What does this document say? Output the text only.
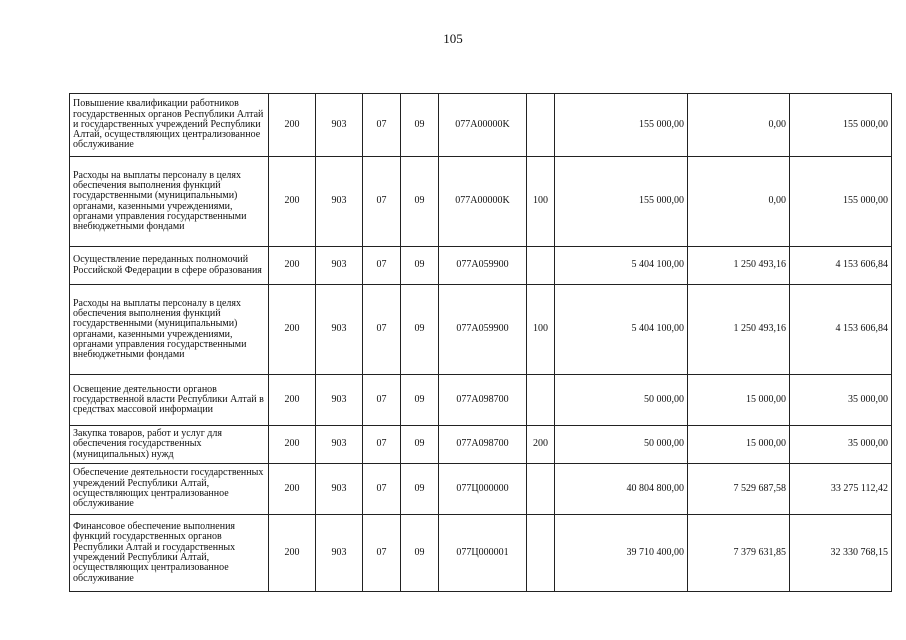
105
Повышение квалификации работников государственных органов Республики Алтай и государственных учреждений Республики Алтай, осуществляющих централизованное обслуживание	200	903	07	09	077A00000K		155 000,00	0,00	155 000,00
Расходы на выплаты персоналу в целях обеспечения выполнения функций государственными (муниципальными) органами, казенными учреждениями, органами управления государственными внебюджетными фондами	200	903	07	09	077A00000K	100	155 000,00	0,00	155 000,00
Осуществление переданных полномочий Российской Федерации в сфере образования	200	903	07	09	077A059900		5 404 100,00	1 250 493,16	4 153 606,84
Расходы на выплаты персоналу в целях обеспечения выполнения функций государственными (муниципальными) органами, казенными учреждениями, органами управления государственными внебюджетными фондами	200	903	07	09	077A059900	100	5 404 100,00	1 250 493,16	4 153 606,84
Освещение деятельности органов государственной власти Республики Алтай в средствах массовой информации	200	903	07	09	077A098700		50 000,00	15 000,00	35 000,00
Закупка товаров, работ и услуг для обеспечения государственных (муниципальных) нужд	200	903	07	09	077A098700	200	50 000,00	15 000,00	35 000,00
Обеспечение деятельности государственных учреждений Республики Алтай, осуществляющих централизованное обслуживание	200	903	07	09	077Ц000000		40 804 800,00	7 529 687,58	33 275 112,42
Финансовое обеспечение выполнения функций государственных органов Республики Алтай и государственных учреждений Республики Алтай, осуществляющих централизованное обслуживание	200	903	07	09	077Ц000001		39 710 400,00	7 379 631,85	32 330 768,15
